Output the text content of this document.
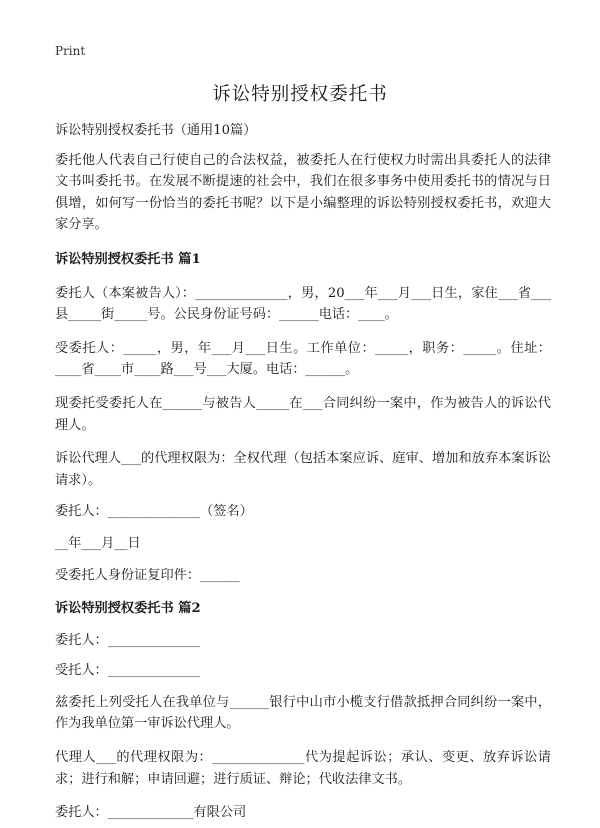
Print
诉讼特别授权委托书

诉讼特别授权委托书（通用10篇）

委托他人代表自己行使自己的合法权益，被委托人在行使权力时需出具委托人的法律文书叫委托书。在发展不断提速的社会中，我们在很多事务中使用委托书的情况与日俱增，如何写一份恰当的委托书呢？以下是小编整理的诉讼特别授权委托书，欢迎大家分享。

诉讼特别授权委托书 篇1

委托人（本案被告人）：______________，男，20___年___月___日生，家住___省___县_____街_____号。公民身份证号码：______电话：____。

受委托人：_____，男，年___月___日生。工作单位：_____，职务：_____。住址：____省____市____路___号___大厦。电话：______。

现委托受委托人在______与被告人_____在___合同纠纷一案中，作为被告人的诉讼代理人。

诉讼代理人___的代理权限为：全权代理（包括本案应诉、庭审、增加和放弃本案诉讼请求）。

委托人：______________（签名）

__年___月__日

受委托人身份证复印件：______

诉讼特别授权委托书 篇2

委托人：______________

受托人：______________

兹委托上列受托人在我单位与______银行中山市小榄支行借款抵押合同纠纷一案中，作为我单位第一审诉讼代理人。

代理人___的代理权限为：______________代为提起诉讼；承认、变更、放弃诉讼请求；进行和解；申请回避；进行质证、辩论；代收法律文书。

委托人：_____________有限公司
